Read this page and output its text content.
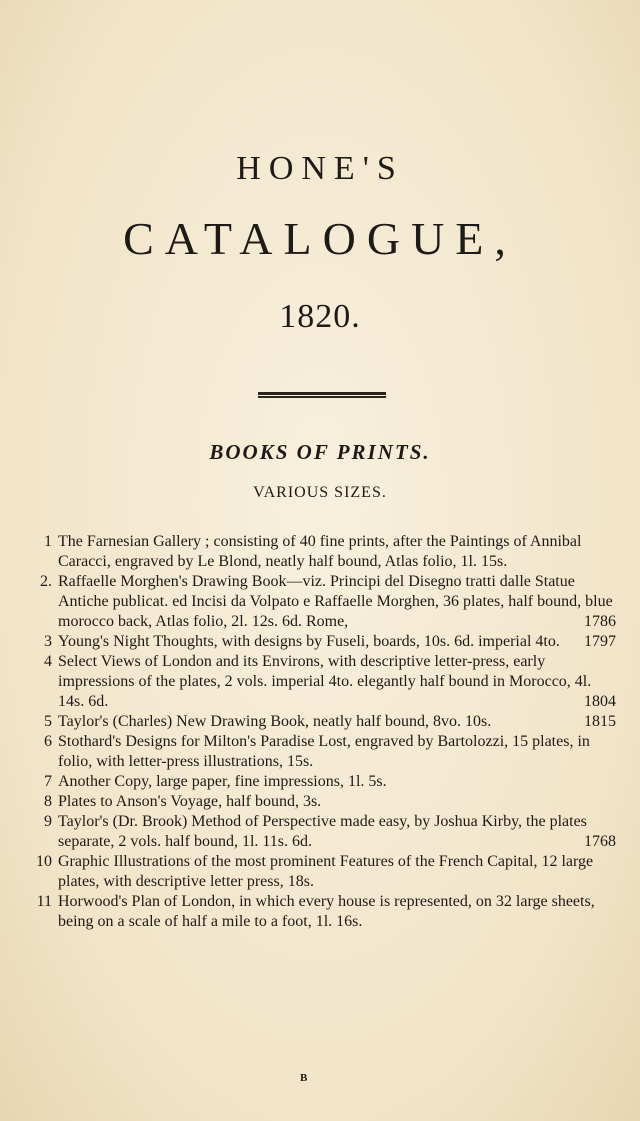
HONE'S
CATALOGUE,
1820.
BOOKS OF PRINTS.
VARIOUS SIZES.
1 The Farnesian Gallery ; consisting of 40 fine prints, after the Paintings of Annibal Caracci, engraved by Le Blond, neatly half bound, Atlas folio, 1l. 15s.
2. Raffaelle Morghen's Drawing Book—viz. Principi del Disegno tratti dalle Statue Antiche publicat. ed Incisi da Volpato e Raffaelle Morghen, 36 plates, half bound, blue morocco back, Atlas folio, 2l. 12s. 6d. Rome,	1786
3 Young's Night Thoughts, with designs by Fuseli, boards, 10s. 6d. imperial 4to. 1797
4 Select Views of London and its Environs, with descriptive letter-press, early impressions of the plates, 2 vols. imperial 4to. elegantly half bound in Morocco, 4l. 14s. 6d.	1804
5 Taylor's (Charles) New Drawing Book, neatly half bound, 8vo. 10s.	1815
6 Stothard's Designs for Milton's Paradise Lost, engraved by Bartolozzi, 15 plates, in folio, with letter-press illustrations, 15s.
7 Another Copy, large paper, fine impressions, 1l. 5s.
8 Plates to Anson's Voyage, half bound, 3s.
9 Taylor's (Dr. Brook) Method of Perspective made easy, by Joshua Kirby, the plates separate, 2 vols. half bound, 1l. 11s. 6d.	1768
10 Graphic Illustrations of the most prominent Features of the French Capital, 12 large plates, with descriptive letter press, 18s.
11 Horwood's Plan of London, in which every house is represented, on 32 large sheets, being on a scale of half a mile to a foot, 1l. 16s.
B
